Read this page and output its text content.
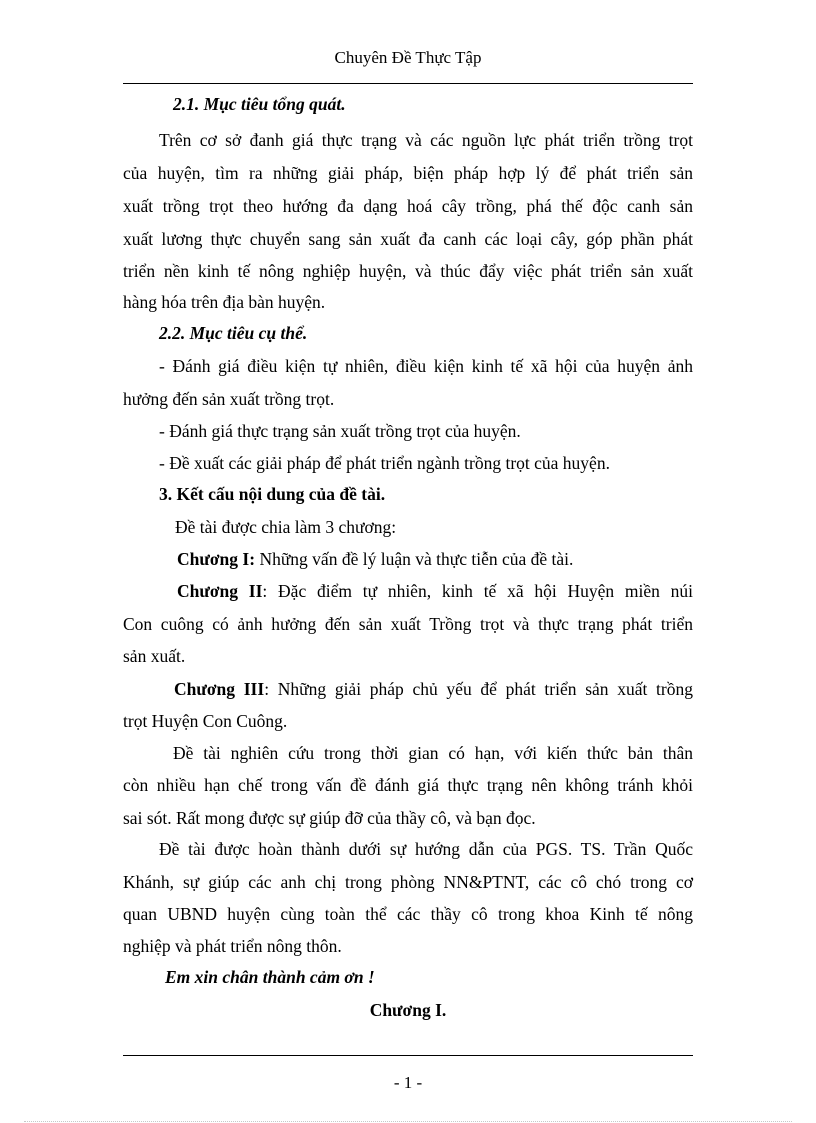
Chuyên Đề Thực Tập
2.1. Mục tiêu tổng quát.
Trên cơ sở đanh giá thực trạng và các nguồn lực phát triển trồng trọt
của huyện, tìm ra những giải pháp, biện pháp hợp lý để phát triển sản
xuất trồng trọt theo hướng đa dạng hoá cây trồng, phá thế độc canh sản
xuất lương thực chuyển sang sản xuất đa canh các loại cây, góp phần phát
triển nền kinh tế nông nghiệp huyện, và thúc đẩy việc phát triển sản xuất
hàng hóa trên địa bàn huyện.
2.2. Mục tiêu cụ thể.
- Đánh giá điều kiện tự nhiên, điều kiện kinh tế xã hội của huyện ảnh
hưởng đến sản xuất trồng trọt.
- Đánh giá thực trạng sản xuất trồng trọt của huyện.
- Đề xuất các giải pháp để phát triển ngành trồng trọt của huyện.
3. Kết cấu nội dung của đề tài.
Đề tài được chia làm 3 chương:
Chương I: Những vấn đề lý luận và thực tiễn của đề tài.
Chương II: Đặc điểm tự nhiên, kinh tế xã hội Huyện miền núi
Con cuông có ảnh hưởng đến sản xuất Trồng trọt và thực trạng phát triển
sản xuất.
Chương III: Những giải pháp chủ yếu để phát triển sản xuất trồng
trọt Huyện Con Cuông.
Đề tài nghiên cứu trong thời gian có hạn, với kiến thức bản thân
còn nhiều hạn chế trong vấn đề đánh giá thực trạng nên không tránh khỏi
sai sót. Rất mong được sự giúp đỡ của thầy cô, và bạn đọc.
Đề tài được hoàn thành dưới sự hướng dẫn của PGS. TS. Trần Quốc
Khánh, sự giúp các anh chị trong phòng NN&PTNT, các cô chó trong cơ
quan UBND huyện cùng toàn thể các thầy cô trong khoa Kinh tế nông
nghiệp và phát triển nông thôn.
Em xin chân thành cảm ơn !
Chương I.
- 1 -
